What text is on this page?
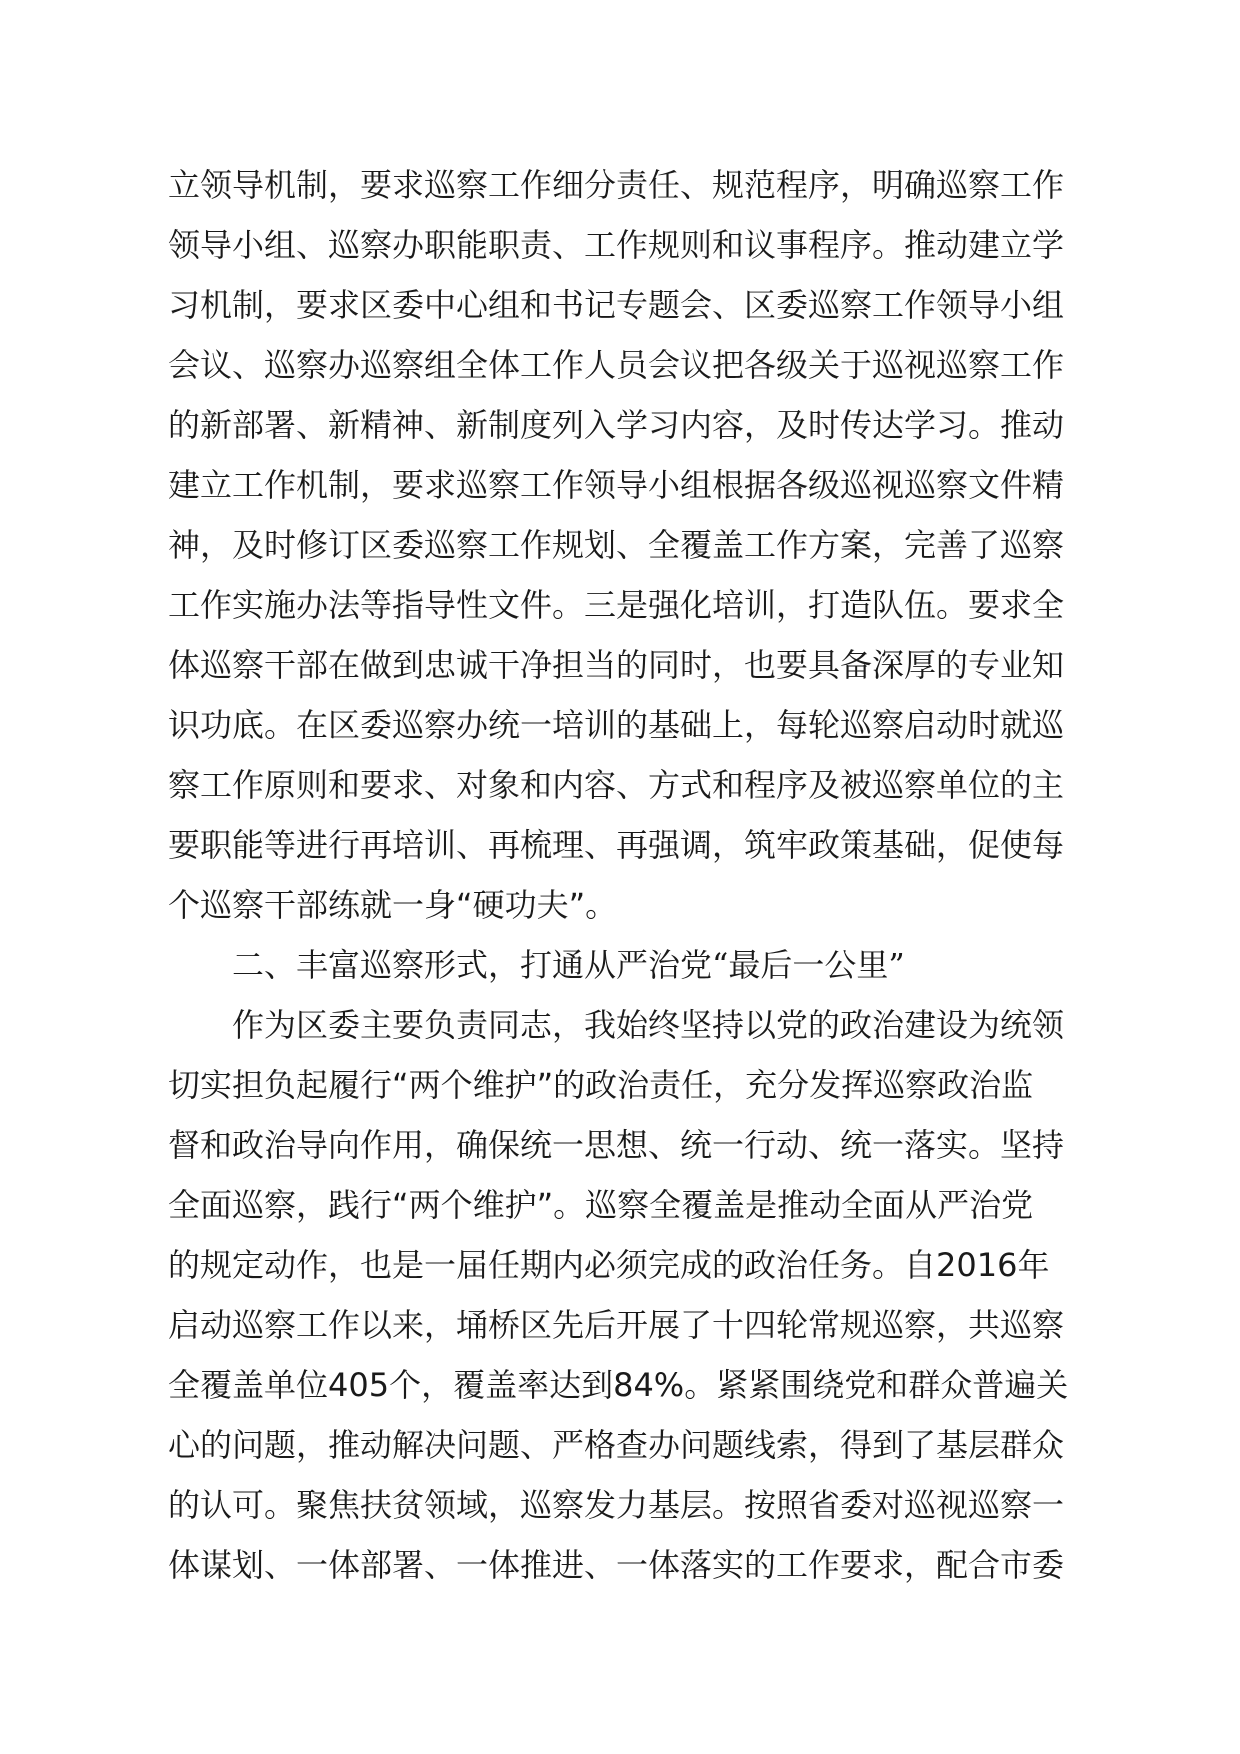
立领导机制，要求巡察工作细分责任、规范程序，明确巡察工作
领导小组、巡察办职能职责、工作规则和议事程序。推动建立学
习机制，要求区委中心组和书记专题会、区委巡察工作领导小组
会议、巡察办巡察组全体工作人员会议把各级关于巡视巡察工作
的新部署、新精神、新制度列入学习内容，及时传达学习。推动
建立工作机制，要求巡察工作领导小组根据各级巡视巡察文件精
神，及时修订区委巡察工作规划、全覆盖工作方案，完善了巡察
工作实施办法等指导性文件。三是强化培训，打造队伍。要求全
体巡察干部在做到忠诚干净担当的同时，也要具备深厚的专业知
识功底。在区委巡察办统一培训的基础上，每轮巡察启动时就巡
察工作原则和要求、对象和内容、方式和程序及被巡察单位的主
要职能等进行再培训、再梳理、再强调，筑牢政策基础，促使每
个巡察干部练就一身“硬功夫”。
二、丰富巡察形式，打通从严治党“最后一公里”
作为区委主要负责同志，我始终坚持以党的政治建设为统领
切实担负起履行“两个维护”的政治责任，充分发挥巡察政治监
督和政治导向作用，确保统一思想、统一行动、统一落实。坚持
全面巡察，践行“两个维护”。巡察全覆盖是推动全面从严治党
的规定动作，也是一届任期内必须完成的政治任务。自2016年
启动巡察工作以来，埇桥区先后开展了十四轮常规巡察，共巡察
全覆盖单位405个，覆盖率达到84%。紧紧围绕党和群众普遍关
心的问题，推动解决问题、严格查办问题线索，得到了基层群众
的认可。聚焦扶贫领域，巡察发力基层。按照省委对巡视巡察一
体谋划、一体部署、一体推进、一体落实的工作要求，配合市委
